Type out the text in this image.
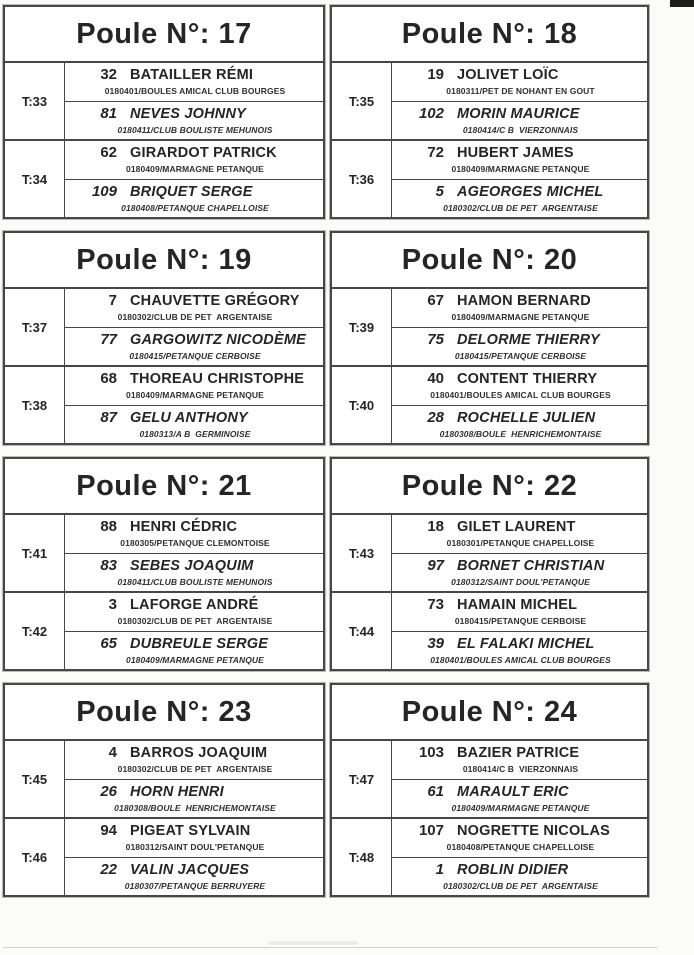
Poule N°: 17
T:33
32 BATAILLER RÉMI
0180401/BOULES AMICAL CLUB BOURGES
81 NEVES JOHNNY
0180411/CLUB BOULISTE MEHUNOIS
T:34
62 GIRARDOT PATRICK
0180409/MARMAGNE PETANQUE
109 BRIQUET SERGE
0180408/PETANQUE CHAPELLOISE
Poule N°: 18
T:35
19 JOLIVET LOÏC
0180311/PET DE NOHANT EN GOUT
102 MORIN MAURICE
0180414/C B  VIERZONNAIS
T:36
72 HUBERT JAMES
0180409/MARMAGNE PETANQUE
5 AGEORGES MICHEL
0180302/CLUB DE PET  ARGENTAISE
Poule N°: 19
T:37
7 CHAUVETTE GRÉGORY
0180302/CLUB DE PET  ARGENTAISE
77 GARGOWITZ NICODÈME
0180415/PETANQUE CERBOISE
T:38
68 THOREAU CHRISTOPHE
0180409/MARMAGNE PETANQUE
87 GELU ANTHONY
0180313/A B  GERMINOISE
Poule N°: 20
T:39
67 HAMON BERNARD
0180409/MARMAGNE PETANQUE
75 DELORME THIERRY
0180415/PETANQUE CERBOISE
T:40
40 CONTENT THIERRY
0180401/BOULES AMICAL CLUB BOURGES
28 ROCHELLE JULIEN
0180308/BOULE  HENRICHEMONTAISE
Poule N°: 21
T:41
88 HENRI CÉDRIC
0180305/PETANQUE CLEMONTOISE
83 SEBES JOAQUIM
0180411/CLUB BOULISTE MEHUNOIS
T:42
3 LAFORGE ANDRÉ
0180302/CLUB DE PET  ARGENTAISE
65 DUBREULE SERGE
0180409/MARMAGNE PETANQUE
Poule N°: 22
T:43
18 GILET LAURENT
0180301/PETANQUE CHAPELLOISE
97 BORNET CHRISTIAN
0180312/SAINT DOUL'PETANQUE
T:44
73 HAMAIN MICHEL
0180415/PETANQUE CERBOISE
39 EL FALAKI MICHEL
0180401/BOULES AMICAL CLUB BOURGES
Poule N°: 23
T:45
4 BARROS JOAQUIM
0180302/CLUB DE PET  ARGENTAISE
26 HORN HENRI
0180308/BOULE  HENRICHEMONTAISE
T:46
94 PIGEAT SYLVAIN
0180312/SAINT DOUL'PETANQUE
22 VALIN JACQUES
0180307/PETANQUE BERRUYERE
Poule N°: 24
T:47
103 BAZIER PATRICE
0180414/C B  VIERZONNAIS
61 MARAULT ERIC
0180409/MARMAGNE PETANQUE
T:48
107 NOGRETTE NICOLAS
0180408/PETANQUE CHAPELLOISE
1 ROBLIN DIDIER
0180302/CLUB DE PET  ARGENTAISE
